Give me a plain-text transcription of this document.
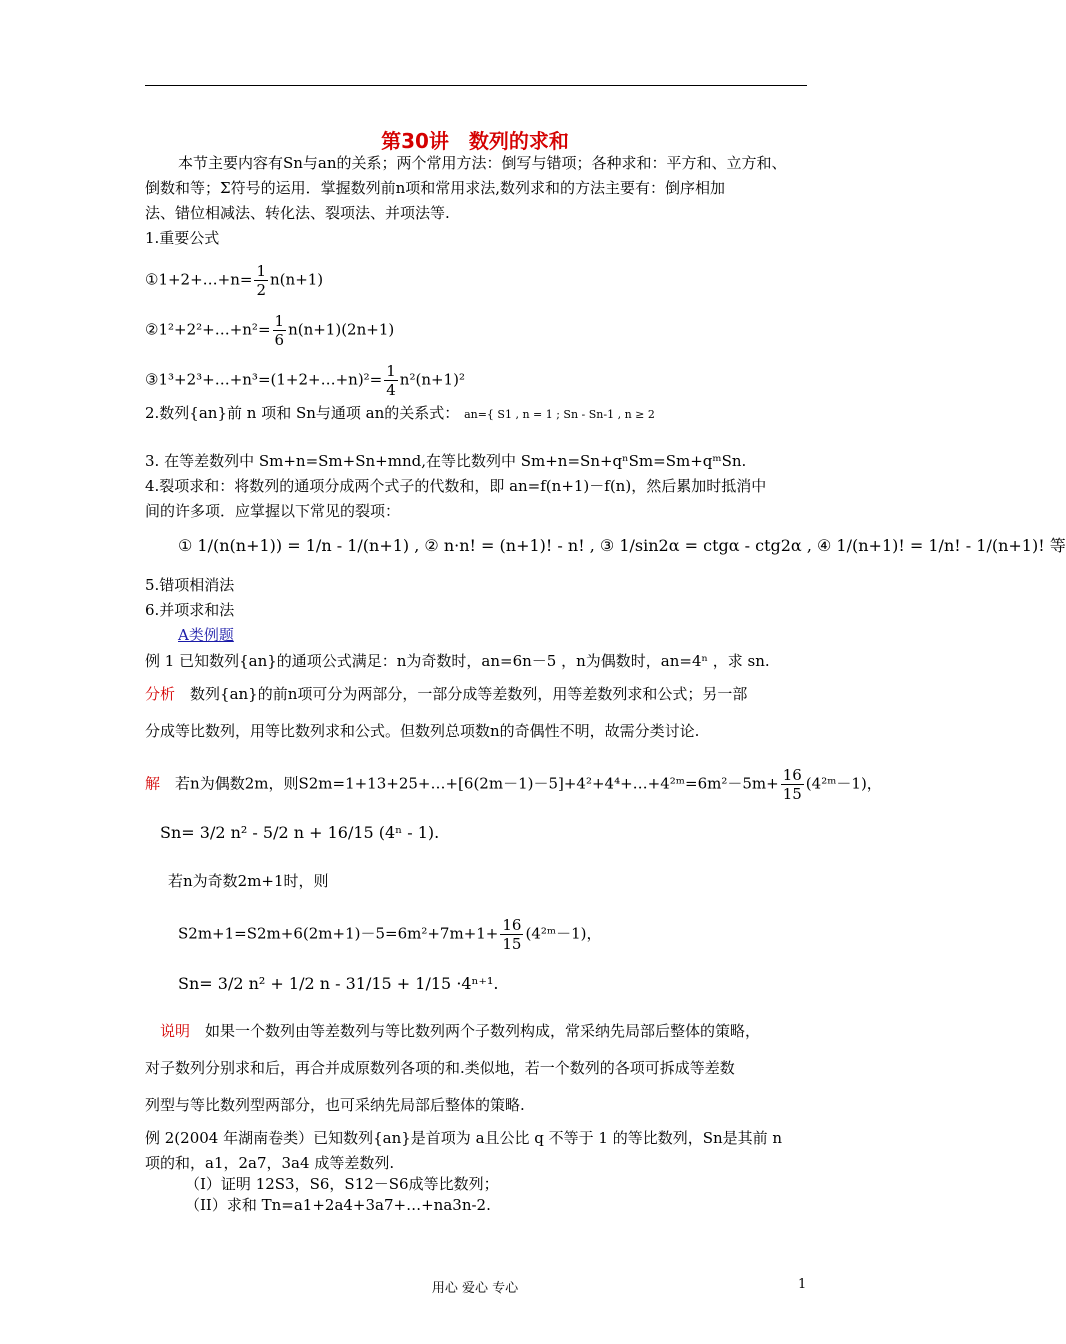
第30讲　数列的求和
本节主要内容有Sn与an的关系；两个常用方法：倒写与错项；各种求和：平方和、立方和、
倒数和等；Σ符号的运用．掌握数列前n项和常用求法,数列求和的方法主要有：倒序相加
法、错位相减法、转化法、裂项法、并项法等.
1.重要公式
①1+2+…+n= $\frac{1}{2} n(n+1)$
②1²+2²+…+n²= $\frac{1}{6} n(n+1)(2n+1)$
③1³+2³+…+n³=(1+2+…+n)²= $\frac{1}{4} n^2(n+1)^2$
2.数列{an}前 n 项和 Sn与通项 an的关系式： an={ S1 , n = 1 ; Sn - Sn-1 , n ≥ 2
3. 在等差数列中 Sm+n=Sm+Sn+mnd,在等比数列中 Sm+n=Sn+qⁿSm=Sm+qᵐSn.
4.裂项求和：将数列的通项分成两个式子的代数和，即 an=f(n+1)－f(n)，然后累加时抵消中
间的许多项．应掌握以下常见的裂项：
① 1/(n(n+1)) = 1/n - 1/(n+1) , ② n·n! = (n+1)! - n! , ③ 1/sin2α = ctgα - ctg2α , ④ 1/(n+1)! = 1/n! - 1/(n+1)! 等
5.错项相消法
6.并项求和法
A类例题
例 1 已知数列{an}的通项公式满足：n为奇数时，an=6n－5 ，n为偶数时，an=4ⁿ ，求 sn.
分析　 数列{an}的前n项可分为两部分，一部分成等差数列，用等差数列求和公式；另一部
分成等比数列，用等比数列求和公式。但数列总项数n的奇偶性不明，故需分类讨论.
解　 若n为偶数2m，则S2m=1+13+25+…+[6(2m－1)－5]+4²+4⁴+…+4²ᵐ=6m²－5m+ $\frac{16}{15}$ (4²ᵐ－1)，
Sn= 3/2 n² - 5/2 n + 16/15 (4ⁿ - 1).
若n为奇数2m+1时，则
$S2m+1=S2m+6(2m+1)-5=6m^2+7m+1+ \frac{16}{15}$ (4²ᵐ－1)，
Sn= 3/2 n² + 1/2 n - 31/15 + 1/15 ·4ⁿ⁺¹.
说明　 如果一个数列由等差数列与等比数列两个子数列构成，常采纳先局部后整体的策略，
对子数列分别求和后，再合并成原数列各项的和.类似地，若一个数列的各项可拆成等差数
列型与等比数列型两部分，也可采纳先局部后整体的策略.
例 2(2004 年湖南卷类）已知数列{an}是首项为 a且公比 q 不等于 1 的等比数列，Sn是其前 n
项的和，a1，2a7，3a4 成等差数列.
（I）证明 12S3，S6，S12－S6成等比数列；
（II）求和 Tn=a1+2a4+3a7+…+na3n-2.
用心 爱心 专心	1
